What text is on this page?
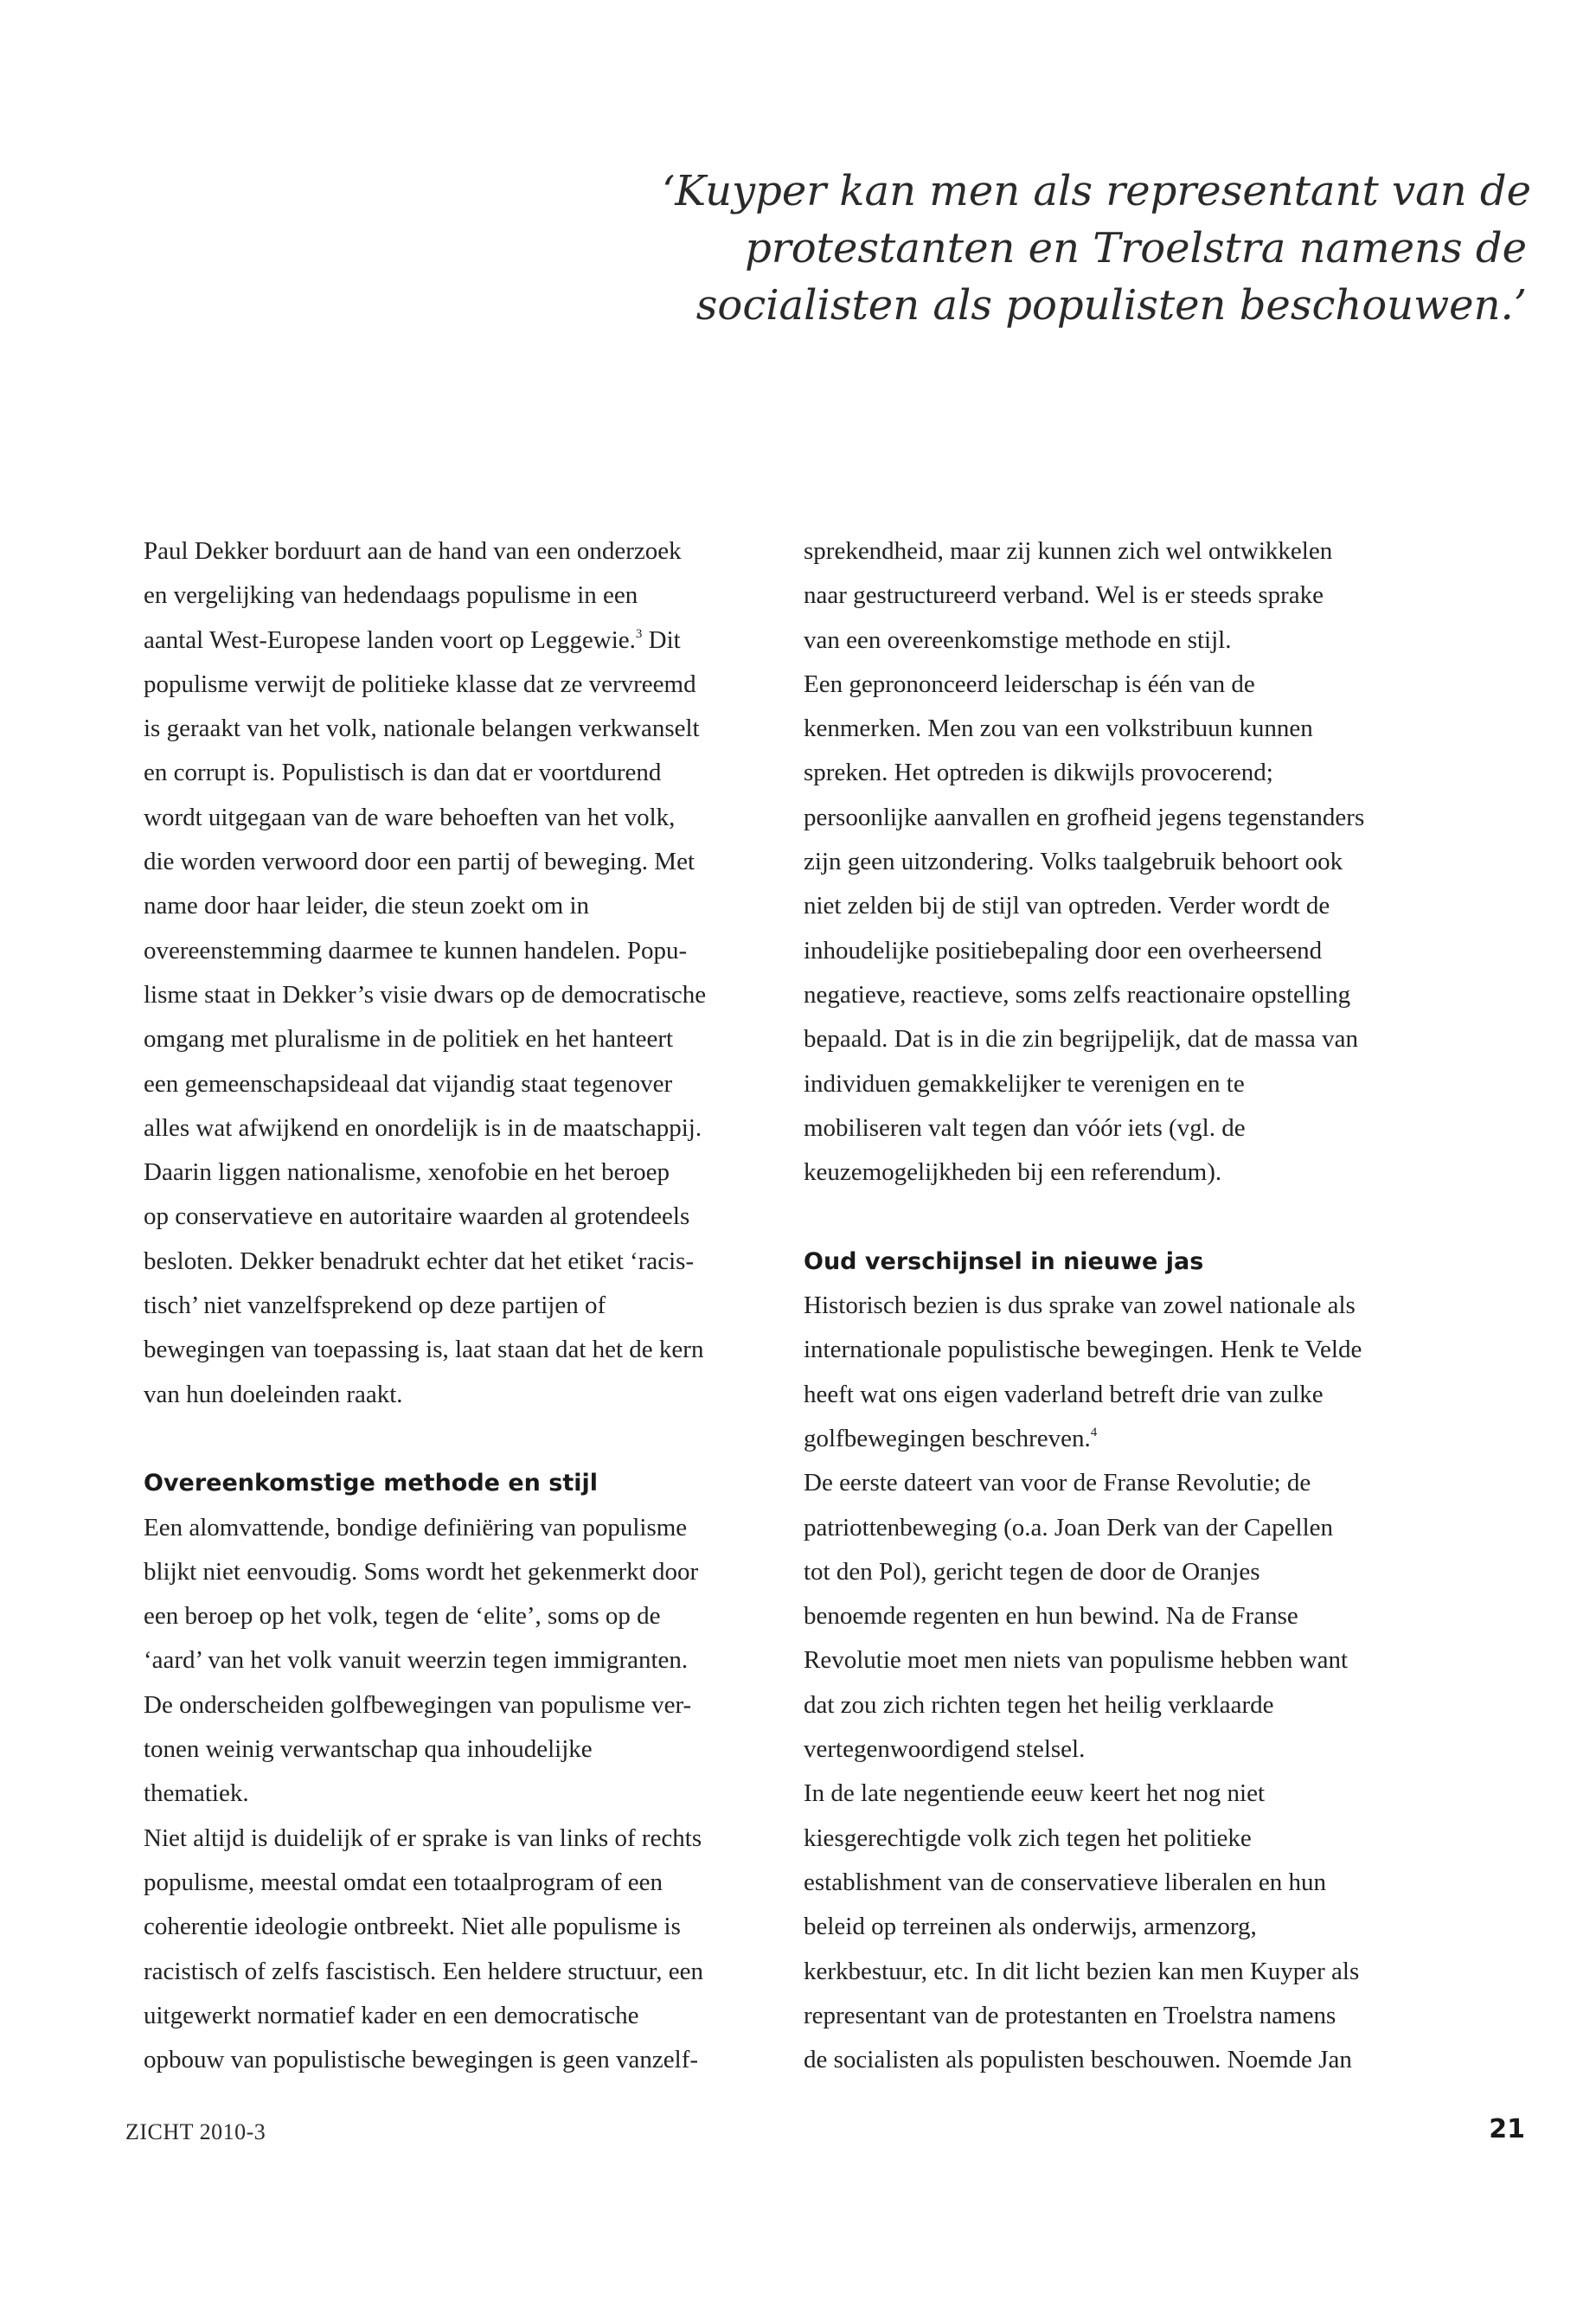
‘Kuyper kan men als representant van de
protestanten en Troelstra namens de
socialisten als populisten beschouwen.’
Paul Dekker borduurt aan de hand van een onderzoek
en vergelijking van hedendaags populisme in een
aantal West-Europese landen voort op Leggewie.$^3$ Dit
populisme verwijt de politieke klasse dat ze vervreemd
is geraakt van het volk, nationale belangen verkwanselt
en corrupt is. Populistisch is dan dat er voortdurend
wordt uitgegaan van de ware behoeften van het volk,
die worden verwoord door een partij of beweging. Met
name door haar leider, die steun zoekt om in
overeenstemming daarmee te kunnen handelen. Popu-
lisme staat in Dekker’s visie dwars op de democratische
omgang met pluralisme in de politiek en het hanteert
een gemeenschapsideaal dat vijandig staat tegenover
alles wat afwijkend en onordelijk is in de maatschappij.
Daarin liggen nationalisme, xenofobie en het beroep
op conservatieve en autoritaire waarden al grotendeels
besloten. Dekker benadrukt echter dat het etiket ‘racis-
tisch’ niet vanzelfsprekend op deze partijen of
bewegingen van toepassing is, laat staan dat het de kern
van hun doeleinden raakt.
Overeenkomstige methode en stijl
Een alomvattende, bondige definiëring van populisme
blijkt niet eenvoudig. Soms wordt het gekenmerkt door
een beroep op het volk, tegen de ‘elite’, soms op de
‘aard’ van het volk vanuit weerzin tegen immigranten.
De onderscheiden golfbewegingen van populisme ver-
tonen weinig verwantschap qua inhoudelijke
thematiek.
Niet altijd is duidelijk of er sprake is van links of rechts
populisme, meestal omdat een totaalprogram of een
coherentie ideologie ontbreekt. Niet alle populisme is
racistisch of zelfs fascistisch. Een heldere structuur, een
uitgewerkt normatief kader en een democratische
opbouw van populistische bewegingen is geen vanzelf-
sprekendheid, maar zij kunnen zich wel ontwikkelen
naar gestructureerd verband. Wel is er steeds sprake
van een overeenkomstige methode en stijl.
Een geprononceerd leiderschap is één van de
kenmerken. Men zou van een volkstribuun kunnen
spreken. Het optreden is dikwijls provocerend;
persoonlijke aanvallen en grofheid jegens tegenstanders
zijn geen uitzondering. Volks taalgebruik behoort ook
niet zelden bij de stijl van optreden. Verder wordt de
inhoudelijke positiebepaling door een overheersend
negatieve, reactieve, soms zelfs reactionaire opstelling
bepaald. Dat is in die zin begrijpelijk, dat de massa van
individuen gemakkelijker te verenigen en te
mobiliseren valt tegen dan vóór iets (vgl. de
keuzemogelijkheden bij een referendum).
Oud verschijnsel in nieuwe jas
Historisch bezien is dus sprake van zowel nationale als
internationale populistische bewegingen. Henk te Velde
heeft wat ons eigen vaderland betreft drie van zulke
golfbewegingen beschreven.$^4$
De eerste dateert van voor de Franse Revolutie; de
patriottenbeweging (o.a. Joan Derk van der Capellen
tot den Pol), gericht tegen de door de Oranjes
benoemde regenten en hun bewind. Na de Franse
Revolutie moet men niets van populisme hebben want
dat zou zich richten tegen het heilig verklaarde
vertegenwoordigend stelsel.
In de late negentiende eeuw keert het nog niet
kiesgerechtigde volk zich tegen het politieke
establishment van de conservatieve liberalen en hun
beleid op terreinen als onderwijs, armenzorg,
kerkbestuur, etc. In dit licht bezien kan men Kuyper als
representant van de protestanten en Troelstra namens
de socialisten als populisten beschouwen. Noemde Jan
ZICHT 2010-3	21
